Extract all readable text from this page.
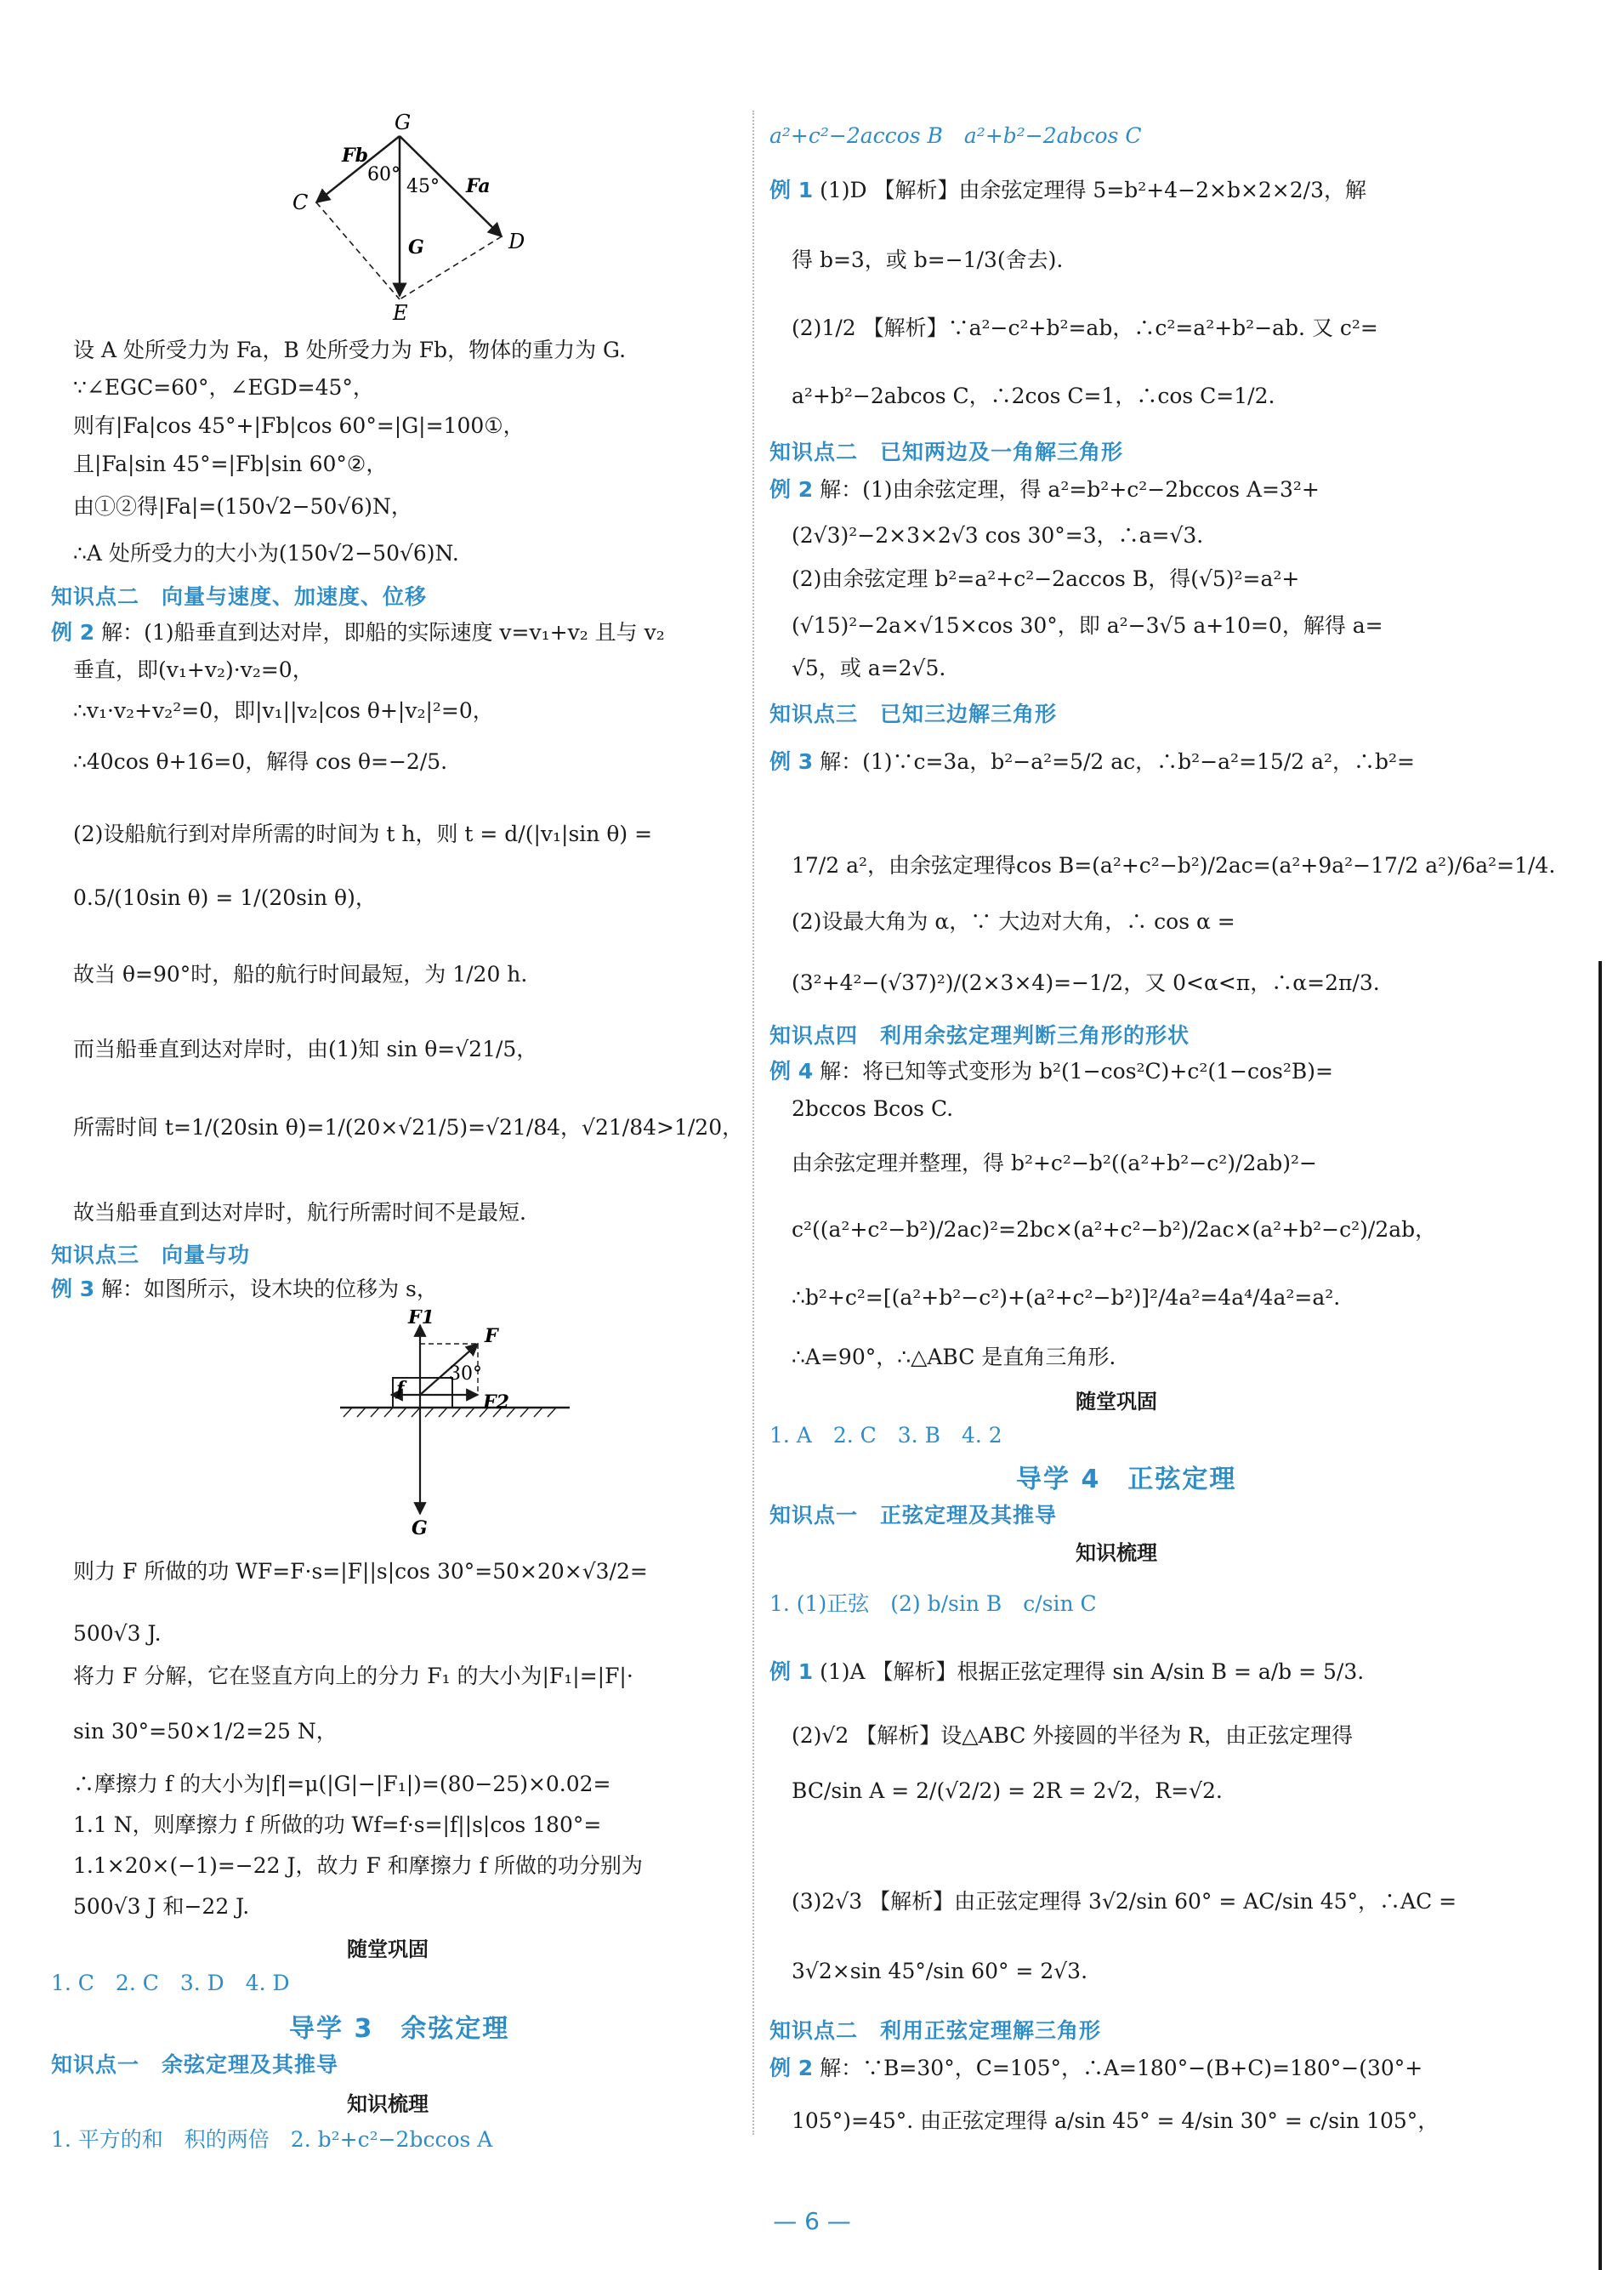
G
Fb
60°
45° Fa
C
D
G
E
设 A 处所受力为 Fa，B 处所受力为 Fb，物体的重力为 G.
∵∠EGC=60°，∠EGD=45°，
则有|Fa|cos 45°+|Fb|cos 60°=|G|=100①，
且|Fa|sin 45°=|Fb|sin 60°②，
由①②得|Fa|=(150√2−50√6)N，
∴A 处所受力的大小为(150√2−50√6)N.
知识点二　向量与速度、加速度、位移
例 2 解：(1)船垂直到达对岸，即船的实际速度 v=v₁+v₂ 且与 v₂
垂直，即(v₁+v₂)·v₂=0，
∴v₁·v₂+v₂²=0，即|v₁||v₂|cos θ+|v₂|²=0，
∴40cos θ+16=0，解得 cos θ=−2/5.
(2)设船航行到对岸所需的时间为 t h，则 t = d/(|v₁|sin θ) =
0.5/(10sin θ) = 1/(20sin θ)，
故当 θ=90°时，船的航行时间最短，为 1/20 h.
而当船垂直到达对岸时，由(1)知 sin θ=√21/5，
所需时间 t=1/(20sin θ)=1/(20×√21/5)=√21/84，√21/84>1/20，
故当船垂直到达对岸时，航行所需时间不是最短.
知识点三　向量与功
例 3 解：如图所示，设木块的位移为 s，
F1
F
30°
f
F2
G
则力 F 所做的功 WF=F·s=|F||s|cos 30°=50×20×√3/2=
500√3 J.
将力 F 分解，它在竖直方向上的分力 F₁ 的大小为|F₁|=|F|·
sin 30°=50×1/2=25 N，
∴摩擦力 f 的大小为|f|=μ(|G|−|F₁|)=(80−25)×0.02=
1.1 N，则摩擦力 f 所做的功 Wf=f·s=|f||s|cos 180°=
1.1×20×(−1)=−22 J，故力 F 和摩擦力 f 所做的功分别为
500√3 J 和−22 J.
随堂巩固
1. C　2. C　3. D　4. D
导学 3　余弦定理
知识点一　余弦定理及其推导
知识梳理
1. 平方的和　积的两倍　2. b²+c²−2bccos A
a²+c²−2accos B　a²+b²−2abcos C
例 1 (1)D 【解析】由余弦定理得 5=b²+4−2×b×2×2/3，解
得 b=3，或 b=−1/3(舍去).
(2)1/2 【解析】∵a²−c²+b²=ab，∴c²=a²+b²−ab. 又 c²=
a²+b²−2abcos C，∴2cos C=1，∴cos C=1/2.
知识点二　已知两边及一角解三角形
例 2 解：(1)由余弦定理，得 a²=b²+c²−2bccos A=3²+
(2√3)²−2×3×2√3 cos 30°=3，∴a=√3.
(2)由余弦定理 b²=a²+c²−2accos B，得(√5)²=a²+
(√15)²−2a×√15×cos 30°，即 a²−3√5 a+10=0，解得 a=
√5，或 a=2√5.
知识点三　已知三边解三角形
例 3 解：(1)∵c=3a，b²−a²=5/2 ac，∴b²−a²=15/2 a²，∴b²=
17/2 a²，由余弦定理得cos B=(a²+c²−b²)/2ac=(a²+9a²−17/2 a²)/6a²=1/4.
(2)设最大角为 α，∵ 大边对大角，∴ cos α =
(3²+4²−(√37)²)/(2×3×4)=−1/2，又 0<α<π，∴α=2π/3.
知识点四　利用余弦定理判断三角形的形状
例 4 解：将已知等式变形为 b²(1−cos²C)+c²(1−cos²B)=
2bccos Bcos C.
由余弦定理并整理，得 b²+c²−b²((a²+b²−c²)/2ab)²−
c²((a²+c²−b²)/2ac)²=2bc×(a²+c²−b²)/2ac×(a²+b²−c²)/2ab，
∴b²+c²=[(a²+b²−c²)+(a²+c²−b²)]²/4a²=4a⁴/4a²=a².
∴A=90°，∴△ABC 是直角三角形.
随堂巩固
1. A　2. C　3. B　4. 2
导学 4　正弦定理
知识点一　正弦定理及其推导
知识梳理
1. (1)正弦　(2) b/sin B　c/sin C
例 1 (1)A 【解析】根据正弦定理得 sin A/sin B = a/b = 5/3.
(2)√2 【解析】设△ABC 外接圆的半径为 R，由正弦定理得
BC/sin A = 2/(√2/2) = 2R = 2√2，R=√2.
(3)2√3 【解析】由正弦定理得 3√2/sin 60° = AC/sin 45°，∴AC =
3√2×sin 45°/sin 60° = 2√3.
知识点二　利用正弦定理解三角形
例 2 解：∵B=30°，C=105°，∴A=180°−(B+C)=180°−(30°+
105°)=45°. 由正弦定理得 a/sin 45° = 4/sin 30° = c/sin 105°，
— 6 —
